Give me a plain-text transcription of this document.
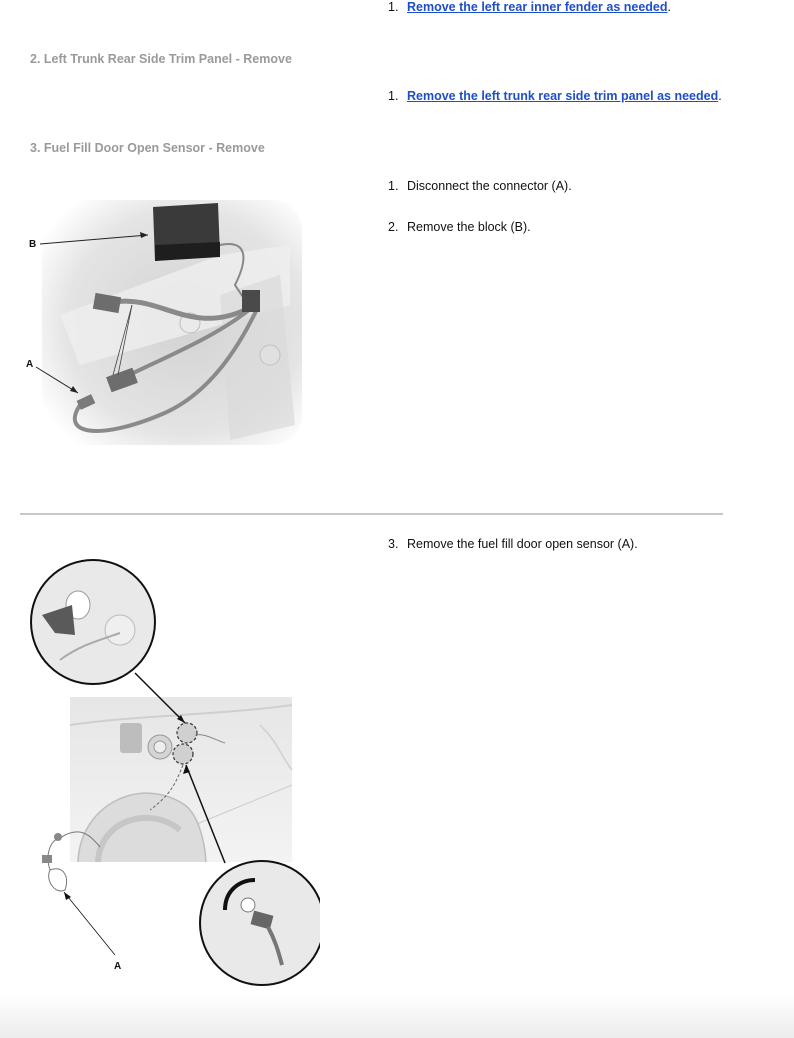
1. Remove the left rear inner fender as needed.
2. Left Trunk Rear Side Trim Panel - Remove
1. Remove the left trunk rear side trim panel as needed.
3. Fuel Fill Door Open Sensor - Remove
1. Disconnect the connector (A).
2. Remove the block (B).
B
A
3. Remove the fuel fill door open sensor (A).
A
